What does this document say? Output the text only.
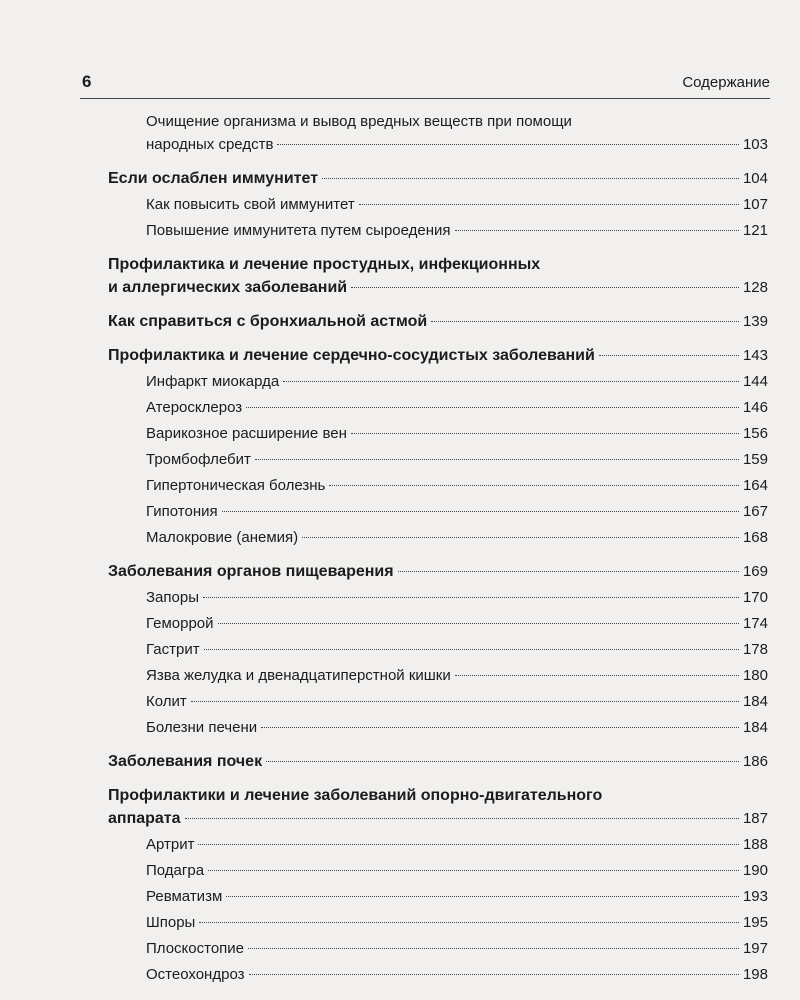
6	Содержание
Очищение организма и вывод вредных веществ при помощи
народных средств	103
Если ослаблен иммунитет	104
Как повысить свой иммунитет	107
Повышение иммунитета путем сыроедения	121
Профилактика и лечение простудных, инфекционных
и аллергических заболеваний	128
Как справиться с бронхиальной астмой	139
Профилактика и лечение сердечно-сосудистых заболеваний	143
Инфаркт миокарда	144
Атеросклероз	146
Варикозное расширение вен	156
Тромбофлебит	159
Гипертоническая болезнь	164
Гипотония	167
Малокровие (анемия)	168
Заболевания органов пищеварения	169
Запоры	170
Геморрой	174
Гастрит	178
Язва желудка и двенадцатиперстной кишки	180
Колит	184
Болезни печени	184
Заболевания почек	186
Профилактики и лечение заболеваний опорно-двигательного
аппарата	187
Артрит	188
Подагра	190
Ревматизм	193
Шпоры	195
Плоскостопие	197
Остеохондроз	198
